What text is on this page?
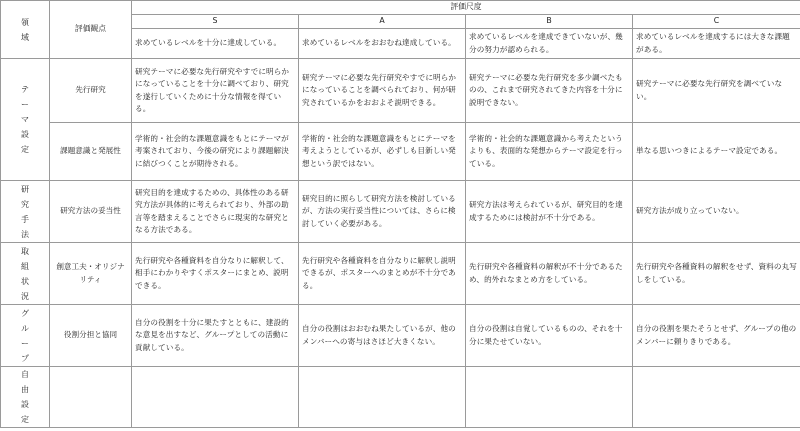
領域	評価観点	評価尺度			
		S	A	B	C
		求めているレベルを十分に達成している。	求めているレベルをおおむね達成している。	求めているレベルを達成できていないが、幾分の努力が認められる。	求めているレベルを達成するには大きな課題がある。

テーマ設定	先行研究	研究テーマに必要な先行研究やすでに明らかになっていることを十分に調べており、研究を遂行していくために十分な情報を得ている。	研究テーマに必要な先行研究やすでに明らかになっていることを調べられており、何が研究されているかをおおよそ説明できる。	研究テーマに必要な先行研究を多少調べたものの、これまで研究されてきた内容を十分に説明できない。	研究テーマに必要な先行研究を調べていない。
	課題意識と発展性	学術的・社会的な課題意識をもとにテーマが考案されており、今後の研究により課題解決に結びつくことが期待される。	学術的・社会的な課題意識をもとにテーマを考えようとしているが、必ずしも目新しい発想という訳ではない。	学術的・社会的な課題意識から考えたというよりも、表面的な発想からテーマ設定を行っている。	単なる思いつきによるテーマ設定である。

研究手法	研究方法の妥当性	研究目的を達成するための、具体性のある研究方法が具体的に考えられており、外部の助言等を踏まえることでさらに現実的な研究となる方法である。	研究目的に照らして研究方法を検討しているが、方法の実行妥当性については、さらに検討していく必要がある。	研究方法は考えられているが、研究目的を達成するためには検討が不十分である。	研究方法が成り立っていない。

取組状況	創意工夫・オリジナリティ	先行研究や各種資料を自分なりに解釈して、相手にわかりやすくポスターにまとめ、説明できる。	先行研究や各種資料を自分なりに解釈し説明できるが、ポスターへのまとめが不十分である。	先行研究や各種資料の解釈が不十分であるため、的外れなまとめ方をしている。	先行研究や各種資料の解釈をせず、資料の丸写しをしている。

グループ	役割分担と協同	自分の役割を十分に果たすとともに、建設的な意見を出すなど、グループとしての活動に貢献している。	自分の役割はおおむね果たしているが、他のメンバーへの寄与はさほど大きくない。	自分の役割は自覚しているものの、それを十分に果たせていない。	自分の役割を果たそうとせず、グループの他のメンバーに頼りきりである。

自由設定					
